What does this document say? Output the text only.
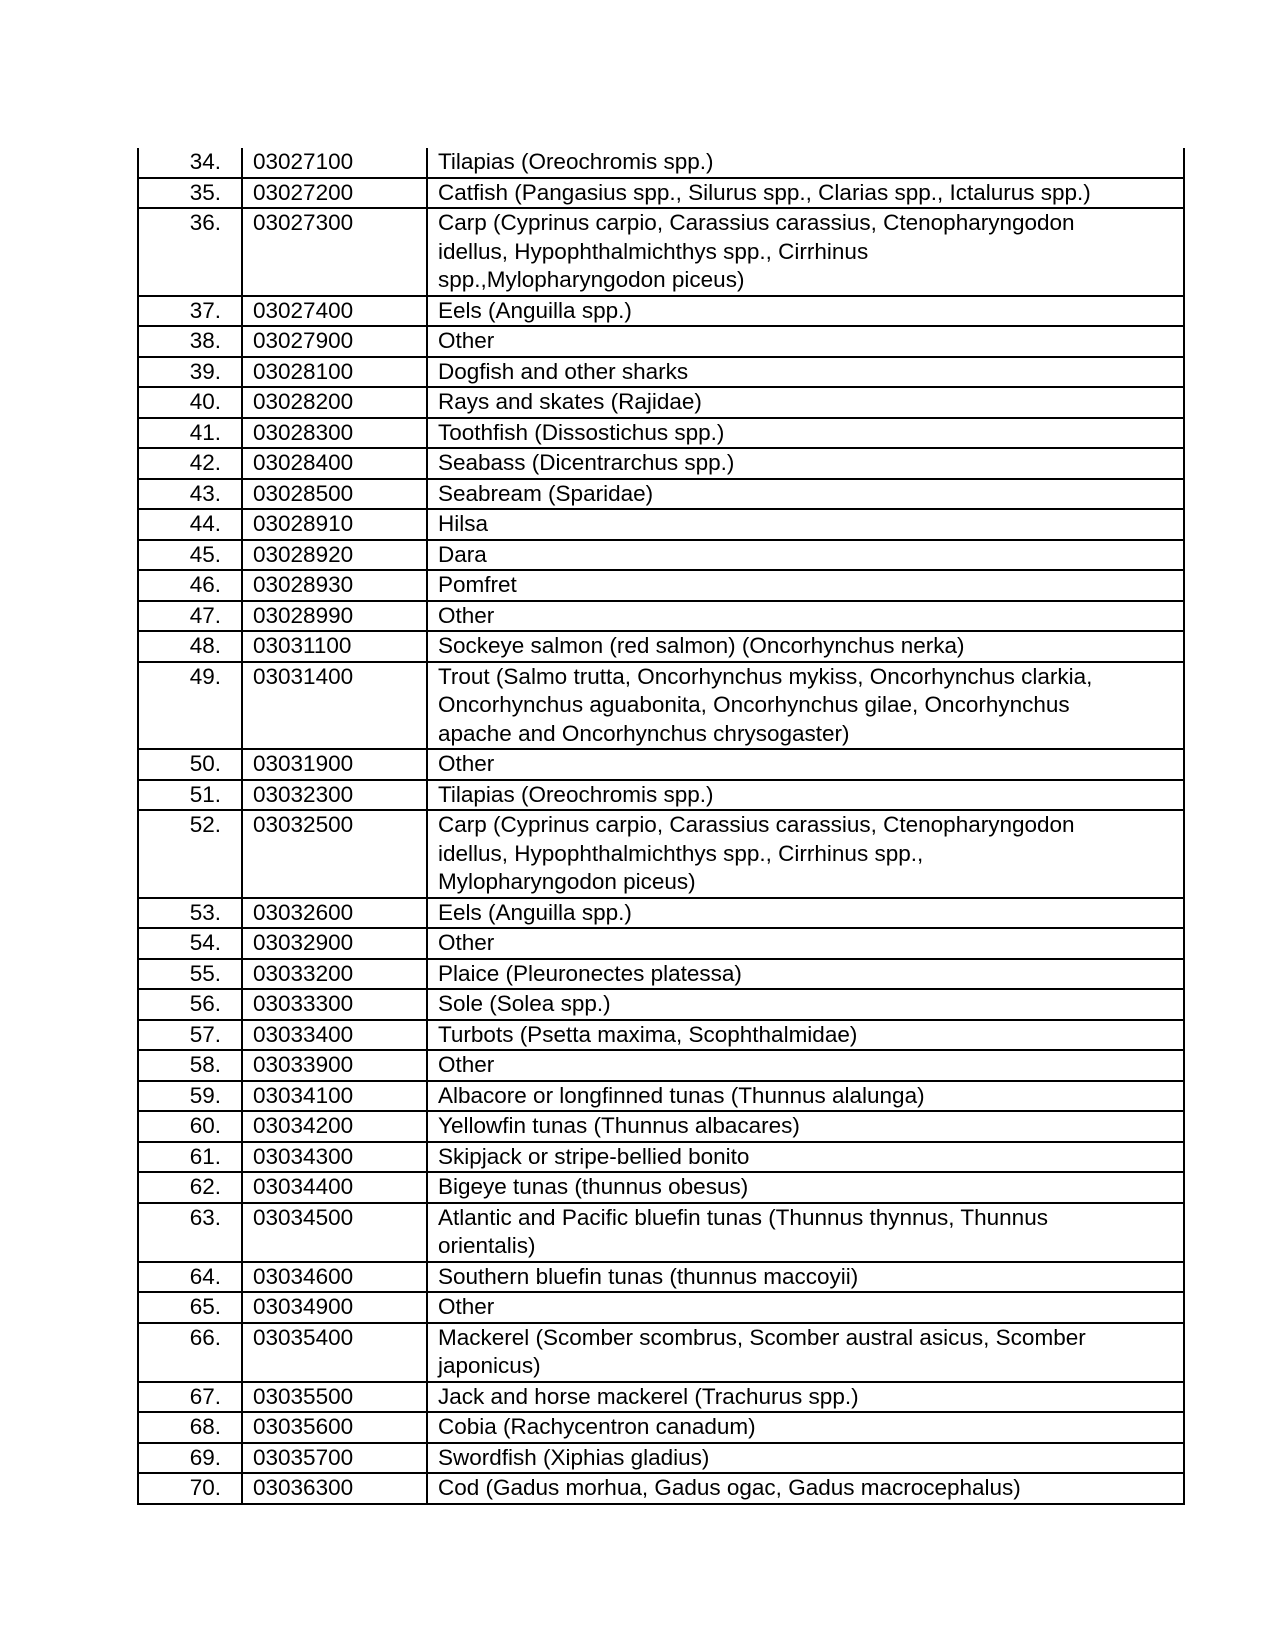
34.	03027100	Tilapias (Oreochromis spp.)

35.	03027200	Catfish (Pangasius spp., Silurus spp., Clarias spp., Ictalurus spp.)

36.	03027300	Carp (Cyprinus carpio, Carassius carassius, Ctenopharyngodon
idellus, Hypophthalmichthys spp., Cirrhinus
spp.,Mylopharyngodon piceus)

37.	03027400	Eels (Anguilla spp.)

38.	03027900	Other

39.	03028100	Dogfish and other sharks

40.	03028200	Rays and skates (Rajidae)

41.	03028300	Toothfish (Dissostichus spp.)

42.	03028400	Seabass (Dicentrarchus spp.)

43.	03028500	Seabream (Sparidae)

44.	03028910	Hilsa

45.	03028920	Dara

46.	03028930	Pomfret

47.	03028990	Other

48.	03031100	Sockeye salmon (red salmon) (Oncorhynchus nerka)

49.	03031400	Trout (Salmo trutta, Oncorhynchus mykiss, Oncorhynchus clarkia,
Oncorhynchus aguabonita, Oncorhynchus gilae, Oncorhynchus
apache and Oncorhynchus chrysogaster)

50.	03031900	Other

51.	03032300	Tilapias (Oreochromis spp.)

52.	03032500	Carp (Cyprinus carpio, Carassius carassius, Ctenopharyngodon
idellus, Hypophthalmichthys spp., Cirrhinus spp.,
Mylopharyngodon piceus)

53.	03032600	Eels (Anguilla spp.)

54.	03032900	Other

55.	03033200	Plaice (Pleuronectes platessa)

56.	03033300	Sole (Solea spp.)

57.	03033400	Turbots (Psetta maxima, Scophthalmidae)

58.	03033900	Other

59.	03034100	Albacore or longfinned tunas (Thunnus alalunga)

60.	03034200	Yellowfin tunas (Thunnus albacares)

61.	03034300	Skipjack or stripe-bellied bonito

62.	03034400	Bigeye tunas (thunnus obesus)

63.	03034500	Atlantic and Pacific bluefin tunas (Thunnus thynnus, Thunnus
orientalis)

64.	03034600	Southern bluefin tunas (thunnus maccoyii)

65.	03034900	Other

66.	03035400	Mackerel (Scomber scombrus, Scomber austral asicus, Scomber
japonicus)

67.	03035500	Jack and horse mackerel (Trachurus spp.)

68.	03035600	Cobia (Rachycentron canadum)

69.	03035700	Swordfish (Xiphias gladius)

70.	03036300	Cod (Gadus morhua, Gadus ogac, Gadus macrocephalus)
